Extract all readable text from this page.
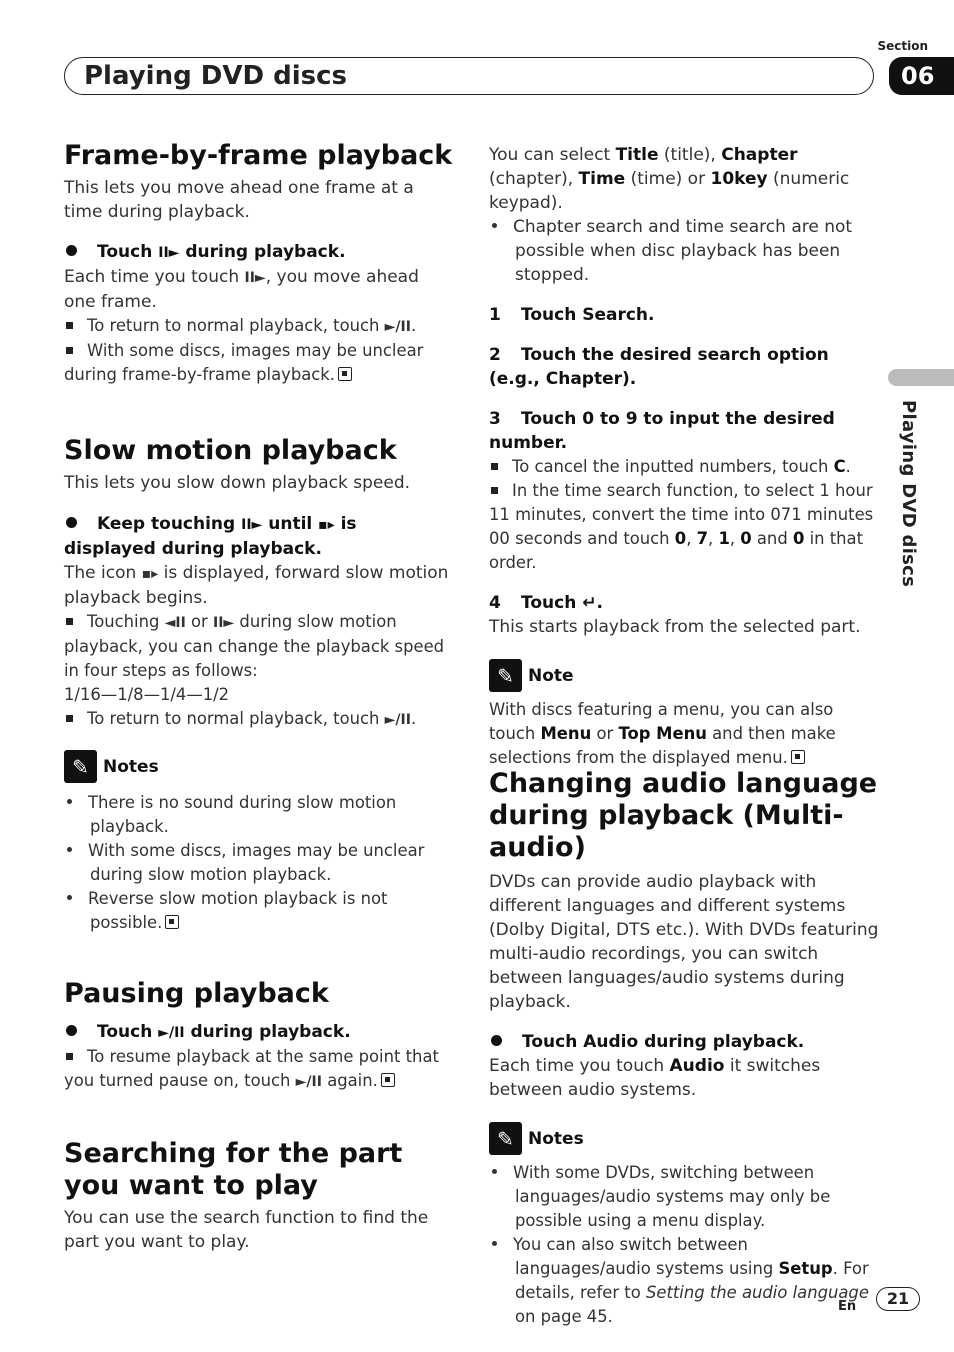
Section
Playing DVD discs	06
Playing DVD discs
Frame-by-frame playback

This lets you move ahead one frame at a time during playback.

Touch II► during playback.

Each time you touch II►, you move ahead one frame.

To return to normal playback, touch ►/II.

With some discs, images may be unclear during frame-by-frame playback.

Slow motion playback

This lets you slow down playback speed.

Keep touching II► until ▪▸ is displayed during playback.

The icon ▪▸ is displayed, forward slow motion playback begins.

Touching ◄II or II► during slow motion playback, you can change the playback speed in four steps as follows:

1/16—1/8—1/4—1/2

To return to normal playback, touch ►/II.

✎ Notes
There is no sound during slow motion playback.
With some discs, images may be unclear during slow motion playback.
Reverse slow motion playback is not possible.
Pausing playback

Touch ►/II during playback.

To resume playback at the same point that you turned pause on, touch ►/II again.

Searching for the part you want to play

You can use the search function to find the part you want to play.

You can select Title (title), Chapter (chapter), Time (time) or 10key (numeric keypad).

Chapter search and time search are not possible when disc playback has been stopped.

1 Touch Search.

2 Touch the desired search option (e.g., Chapter).

3 Touch 0 to 9 to input the desired number.

To cancel the inputted numbers, touch C.

In the time search function, to select 1 hour 11 minutes, convert the time into 071 minutes 00 seconds and touch 0, 7, 1, 0 and 0 in that order.

4 Touch ↵.

This starts playback from the selected part.

✎ Note

With discs featuring a menu, you can also touch Menu or Top Menu and then make selections from the displayed menu.

Changing audio language during playback (Multi-audio)

DVDs can provide audio playback with different languages and different systems (Dolby Digital, DTS etc.). With DVDs featuring multi-audio recordings, you can switch between languages/audio systems during playback.

Touch Audio during playback.

Each time you touch Audio it switches between audio systems.

✎ Notes
With some DVDs, switching between languages/audio systems may only be possible using a menu display.
You can also switch between languages/audio systems using Setup. For details, refer to Setting the audio language on page 45.
En	21
